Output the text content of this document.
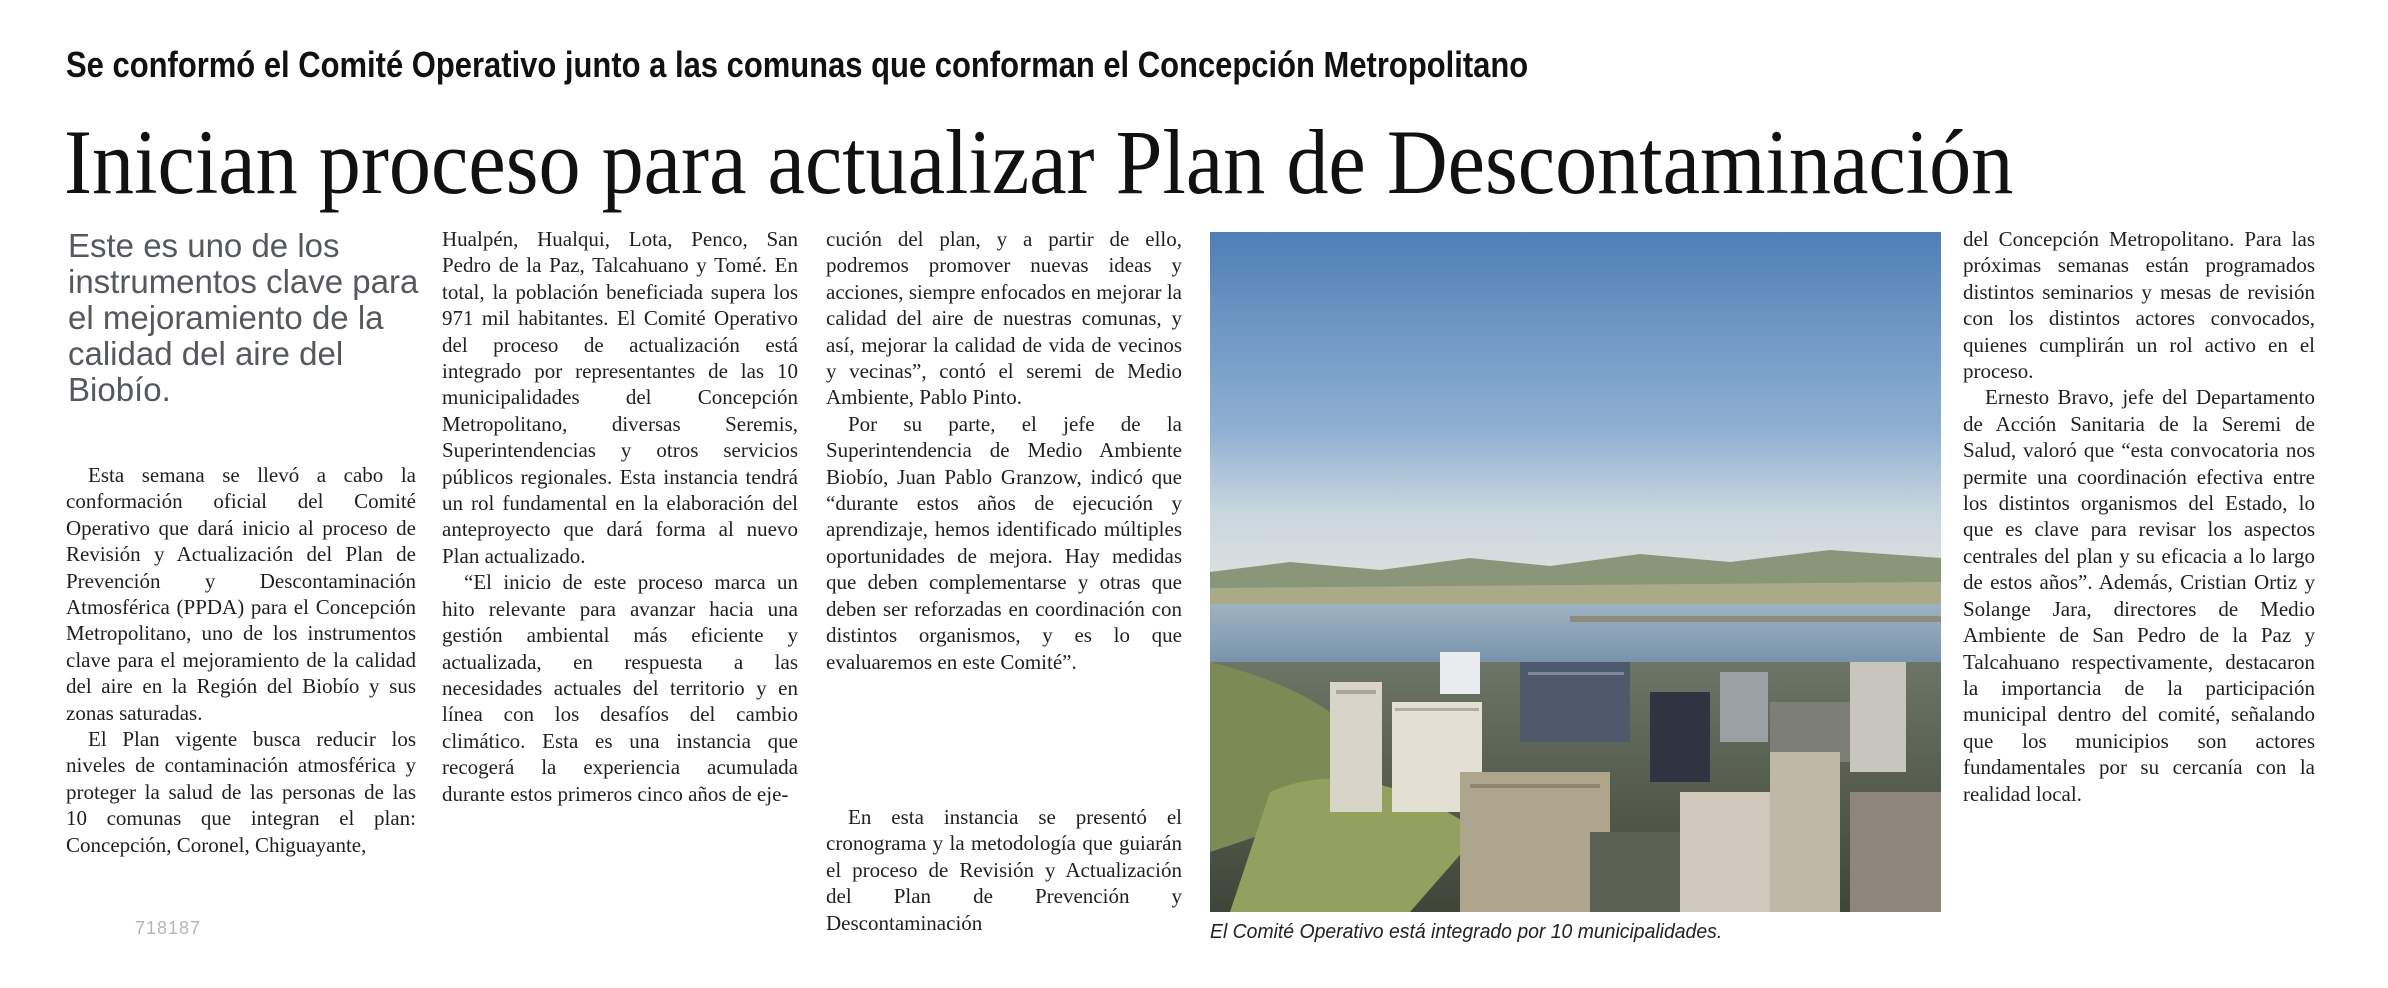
Se conformó el Comité Operativo junto a las comunas que conforman el Concepción Metropolitano
Inician proceso para actualizar Plan de Descontaminación
Este es uno de los instrumentos clave para el mejoramiento de la calidad del aire del Biobío.

Esta semana se llevó a cabo la conformación oficial del Comité Operativo que dará inicio al proceso de Revisión y Actualización del Plan de Prevención y Descontaminación Atmosférica (PPDA) para el Concepción Metropolitano, uno de los instrumentos clave para el mejoramiento de la calidad del aire en la Región del Biobío y sus zonas saturadas.

El Plan vigente busca reducir los niveles de contaminación atmosférica y proteger la salud de las personas de las 10 comunas que integran el plan: Concepción, Coronel, Chiguayante,

Hualpén, Hualqui, Lota, Penco, San Pedro de la Paz, Talcahuano y Tomé. En total, la población beneficiada supera los 971 mil habitantes. El Comité Operativo del proceso de actualización está integrado por representantes de las 10 municipalidades del Concepción Metropolitano, diversas Seremis, Superintendencias y otros servicios públicos regionales. Esta instancia tendrá un rol fundamental en la elaboración del anteproyecto que dará forma al nuevo Plan actualizado.

“El inicio de este proceso marca un hito relevante para avanzar hacia una gestión ambiental más eficiente y actualizada, en respuesta a las necesidades actuales del territorio y en línea con los desafíos del cambio climático. Esta es una instancia que recogerá la experiencia acumulada durante estos primeros cinco años de eje-

cución del plan, y a partir de ello, podremos promover nuevas ideas y acciones, siempre enfocados en mejorar la calidad del aire de nuestras comunas, y así, mejorar la calidad de vida de vecinos y vecinas”, contó el seremi de Medio Ambiente, Pablo Pinto.

Por su parte, el jefe de la Superintendencia de Medio Ambiente Biobío, Juan Pablo Granzow, indicó que “durante estos años de ejecución y aprendizaje, hemos identificado múltiples oportunidades de mejora. Hay medidas que deben complementarse y otras que deben ser reforzadas en coordinación con distintos organismos, y es lo que evaluaremos en este Comité”.

En esta instancia se presentó el cronograma y la metodología que guiarán el proceso de Revisión y Actualización del Plan de Prevención y Descontaminación	El Comité Operativo está integrado por 10 municipalidades.

del Concepción Metropolitano. Para las próximas semanas están programados distintos seminarios y mesas de revisión con los distintos actores convocados, quienes cumplirán un rol activo en el proceso.

Ernesto Bravo, jefe del Departamento de Acción Sanitaria de la Seremi de Salud, valoró que “esta convocatoria nos permite una coordinación efectiva entre los distintos organismos del Estado, lo que es clave para revisar los aspectos centrales del plan y su eficacia a lo largo de estos años”. Además, Cristian Ortiz y Solange Jara, directores de Medio Ambiente de San Pedro de la Paz y Talcahuano respectivamente, destacaron la importancia de la participación municipal dentro del comité, señalando que los municipios son actores fundamentales por su cercanía con la realidad local.

718187
